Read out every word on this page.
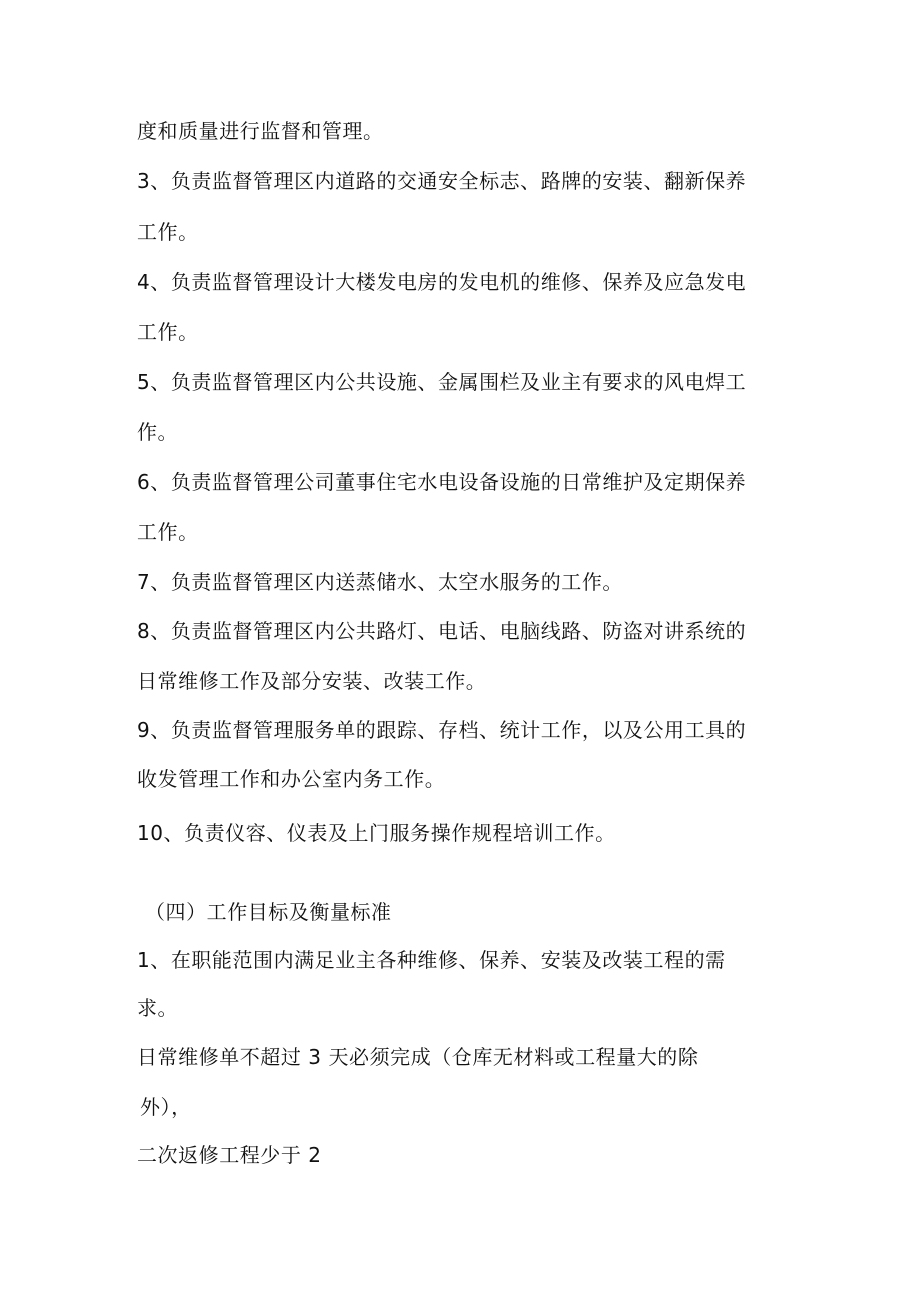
度和质量进行监督和管理。
3、负责监督管理区内道路的交通安全标志、路牌的安装、翻新保养
工作。
4、负责监督管理设计大楼发电房的发电机的维修、保养及应急发电
工作。
5、负责监督管理区内公共设施、金属围栏及业主有要求的风电焊工
作。
6、负责监督管理公司董事住宅水电设备设施的日常维护及定期保养
工作。
7、负责监督管理区内送蒸储水、太空水服务的工作。
8、负责监督管理区内公共路灯、电话、电脑线路、防盗对讲系统的
日常维修工作及部分安装、改装工作。
9、负责监督管理服务单的跟踪、存档、统计工作，以及公用工具的
收发管理工作和办公室内务工作。
10、负责仪容、仪表及上门服务操作规程培训工作。
（四）工作目标及衡量标准
1、在职能范围内满足业主各种维修、保养、安装及改装工程的需
求。
日常维修单不超过 3 天必须完成（仓库无材料或工程量大的除
外），
二次返修工程少于 2
